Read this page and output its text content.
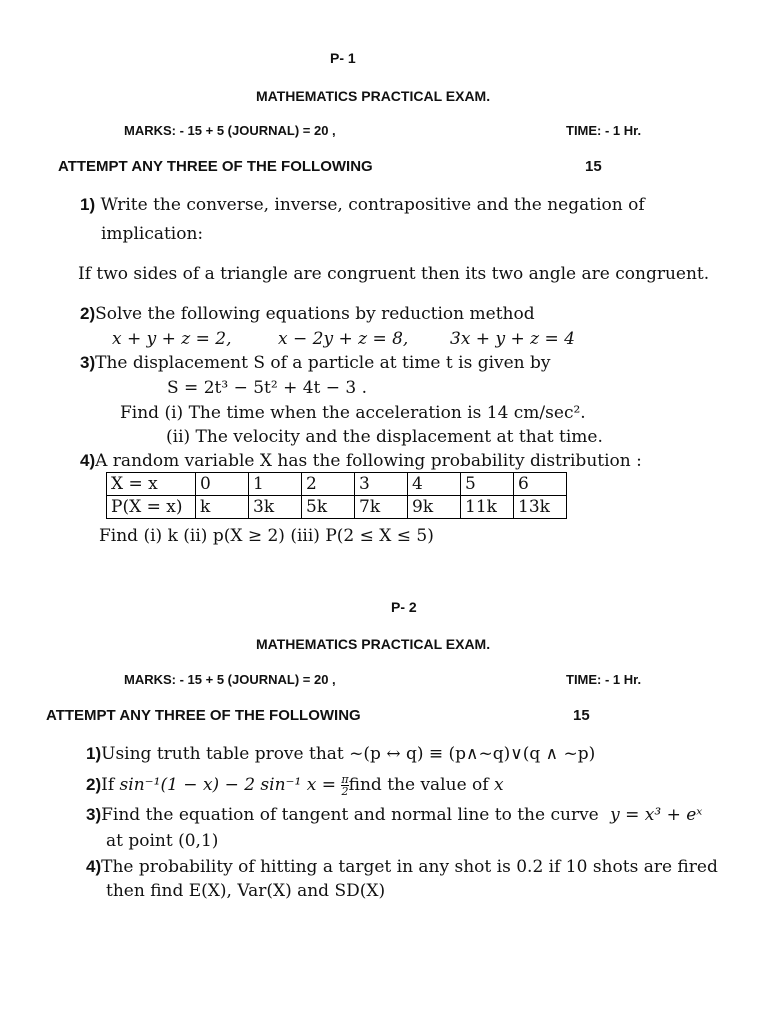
P- 1
MATHEMATICS PRACTICAL EXAM.
MARKS: - 15 + 5 (JOURNAL) = 20 ,	TIME: - 1 Hr.
ATTEMPT ANY THREE OF THE FOLLOWING	15
1) Write the converse, inverse, contrapositive and the negation of
implication:
If two sides of a triangle are congruent then its two angle are congruent.
2)Solve the following equations by reduction method
x + y + z = 2,	x − 2y + z = 8, 3x + y + z = 4
3)The displacement S of a particle at time t is given by
S = 2t³ − 5t² + 4t − 3 .
Find (i) The time when the acceleration is 14 cm/sec².
(ii) The velocity and the displacement at that time.
4)A random variable X has the following probability distribution :
X = x	0	1	2	3	4	5	6
P(X = x)	k	3k	5k	7k	9k	11k	13k
Find (i) k (ii) p(X ≥ 2) (iii) P(2 ≤ X ≤ 5)
P- 2
MATHEMATICS PRACTICAL EXAM.
MARKS: - 15 + 5 (JOURNAL) = 20 ,	TIME: - 1 Hr.
ATTEMPT ANY THREE OF THE FOLLOWING	15
1)Using truth table prove that ~(p ↔ q) ≡ (p∧~q)∨(q ∧ ~p)
2)If sin⁻¹(1 − x) − 2 sin⁻¹ $x = \frac{\pi}{2}$ find the value of x
3)Find the equation of tangent and normal line to the curve y = x³ + eˣ
at point (0,1)
4)The probability of hitting a target in any shot is 0.2 if 10 shots are fired
then find E(X), Var(X) and SD(X)
